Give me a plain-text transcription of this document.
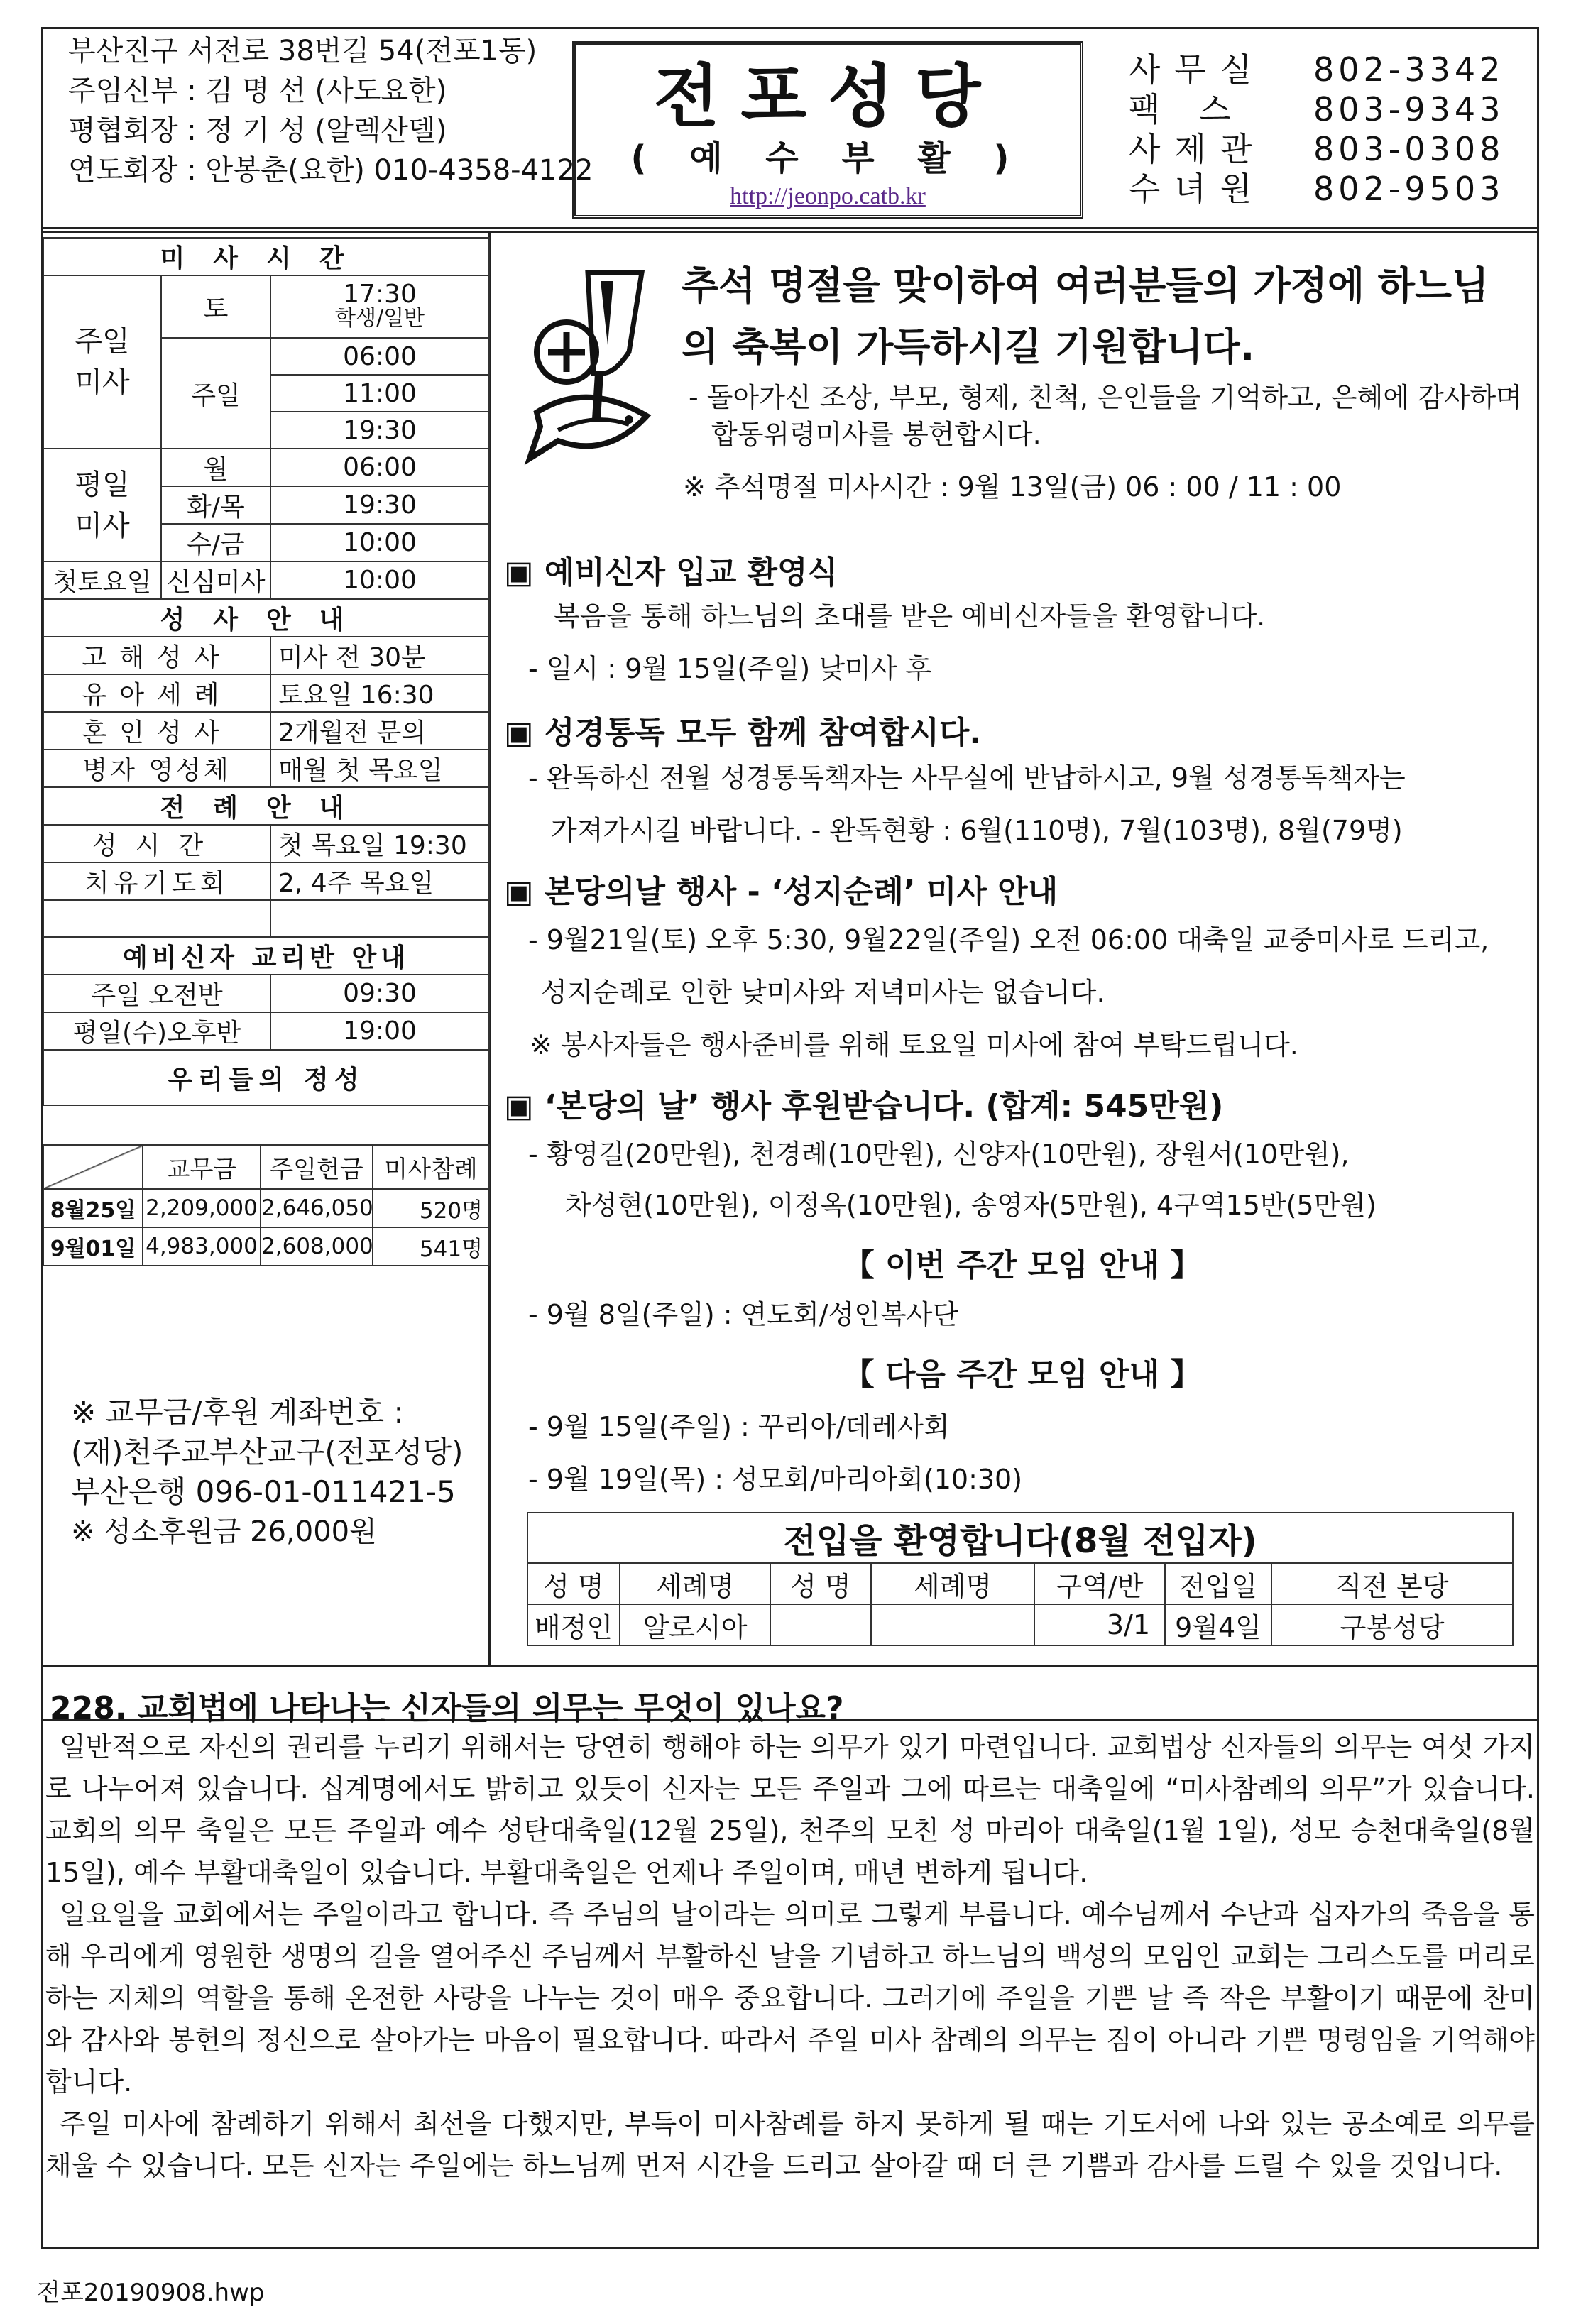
부산진구 서전로 38번길 54(전포1동)
주임신부 : 김 명 선 (사도요한)
평협회장 : 정 기 성 (알렉산델)
연도회장 : 안봉춘(요한) 010-4358-4122
전포성당
( 예 수 부 활 )
http://jeonpo.catb.kr
사무실	802-3342
팩 스	803-9343
사제관	803-0308
수녀원	802-9503
미사시간		
주일 미사	토	17:30
학생/일반

	주일	06:00
		11:00
		19:30
평일 미사	월	06:00
	화/목	19:30
	수/금	10:00
첫토요일	신심미사	10:00
성사안내		
고해성사		미사 전 30분
유아세례		토요일 16:30
혼인성사		2개월전 문의
병자 영성체		매월 첫 목요일
전례안내		
성시간		첫 목요일 19:30
치유기도회		2, 4주 목요일

예비신자 교리반 안내		
주일 오전반		09:30
평일(수)오후반		19:00
우리들의 정성		
	교무금	주일헌금	미사참례
8월25일	2,209,000	2,646,050	520명
9월01일	4,983,000	2,608,000	541명
※ 교무금/후원 계좌번호 :
(재)천주교부산교구(전포성당)
부산은행 096-01-011421-5
※ 성소후원금 26,000원
추석 명절을 맞이하여 여러분들의 가정에 하느님
의 축복이 가득하시길 기원합니다.
- 돌아가신 조상, 부모, 형제, 친척, 은인들을 기억하고, 은혜에 감사하며
합동위령미사를 봉헌합시다.
※ 추석명절 미사시간 : 9월 13일(금) 06 : 00 / 11 : 00
▣ 예비신자 입교 환영식
복음을 통해 하느님의 초대를 받은 예비신자들을 환영합니다.
- 일시 : 9월 15일(주일) 낮미사 후
▣ 성경통독 모두 함께 참여합시다.
- 완독하신 전월 성경통독책자는 사무실에 반납하시고, 9월 성경통독책자는
가져가시길 바랍니다. - 완독현황 : 6월(110명), 7월(103명), 8월(79명)
▣ 본당의날 행사 - ‘성지순례’ 미사 안내
- 9월21일(토) 오후 5:30, 9월22일(주일) 오전 06:00 대축일 교중미사로 드리고,
성지순례로 인한 낮미사와 저녁미사는 없습니다.
※ 봉사자들은 행사준비를 위해 토요일 미사에 참여 부탁드립니다.
▣ ‘본당의 날’ 행사 후원받습니다. (합계: 545만원)
- 황영길(20만원), 천경례(10만원), 신양자(10만원), 장원서(10만원),
차성현(10만원), 이정옥(10만원), 송영자(5만원), 4구역15반(5만원)
【 이번 주간 모임 안내 】
- 9월 8일(주일) : 연도회/성인복사단
【 다음 주간 모임 안내 】
- 9월 15일(주일) : 꾸리아/데레사회
- 9월 19일(목) : 성모회/마리아회(10:30)
전입을 환영합니다(8월 전입자)						
성 명	세례명	성 명	세례명	구역/반	전입일	직전 본당
배정인	알로시아			3/1	9월4일	구봉성당
228. 교회법에 나타나는 신자들의 의무는 무엇이 있나요?

일반적으로 자신의 권리를 누리기 위해서는 당연히 행해야 하는 의무가 있기 마련입니다. 교회법상 신자들의 의무는 여섯 가지로 나누어져 있습니다. 십계명에서도 밝히고 있듯이 신자는 모든 주일과 그에 따르는 대축일에 “미사참례의 의무”가 있습니다. 교회의 의무 축일은 모든 주일과 예수 성탄대축일(12월 25일), 천주의 모친 성 마리아 대축일(1월 1일), 성모 승천대축일(8월 15일), 예수 부활대축일이 있습니다. 부활대축일은 언제나 주일이며, 매년 변하게 됩니다.

일요일을 교회에서는 주일이라고 합니다. 즉 주님의 날이라는 의미로 그렇게 부릅니다. 예수님께서 수난과 십자가의 죽음을 통해 우리에게 영원한 생명의 길을 열어주신 주님께서 부활하신 날을 기념하고 하느님의 백성의 모임인 교회는 그리스도를 머리로 하는 지체의 역할을 통해 온전한 사랑을 나누는 것이 매우 중요합니다. 그러기에 주일을 기쁜 날 즉 작은 부활이기 때문에 찬미와 감사와 봉헌의 정신으로 살아가는 마음이 필요합니다. 따라서 주일 미사 참례의 의무는 짐이 아니라 기쁜 명령임을 기억해야 합니다.

주일 미사에 참례하기 위해서 최선을 다했지만, 부득이 미사참례를 하지 못하게 될 때는 기도서에 나와 있는 공소예로 의무를 채울 수 있습니다. 모든 신자는 주일에는 하느님께 먼저 시간을 드리고 살아갈 때 더 큰 기쁨과 감사를 드릴 수 있을 것입니다.

전포20190908.hwp
